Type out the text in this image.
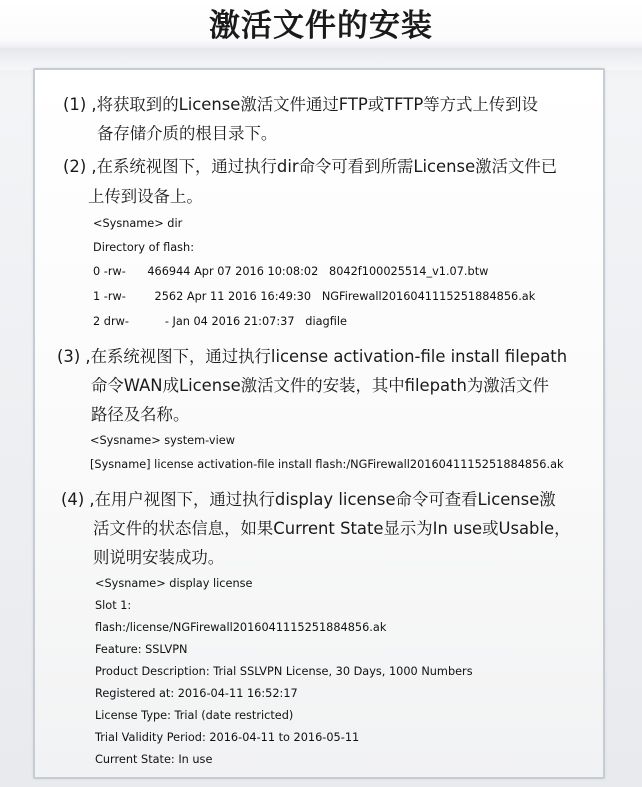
激活文件的安装
(1) ,将获取到的License激活文件通过FTP或TFTP等方式上传到设
备存储介质的根目录下。
(2) ,在系统视图下，通过执行dir命令可看到所需License激活文件已
上传到设备上。
<Sysname> dir
Directory of flash:
0 -rw-      466944 Apr 07 2016 10:08:02   8042f100025514_v1.07.btw
1 -rw-        2562 Apr 11 2016 16:49:30   NGFirewall2016041115251884856.ak
2 drw-          - Jan 04 2016 21:07:37   diagfile
(3) ,在系统视图下，通过执行license activation-file install filepath
命令WAN成License激活文件的安装，其中filepath为激活文件
路径及名称。
<Sysname> system-view
[Sysname] license activation-file install flash:/NGFirewall2016041115251884856.ak
(4) ,在用户视图下，通过执行display license命令可查看License激
活文件的状态信息，如果Current State显示为In use或Usable，
则说明安装成功。
<Sysname> display license
Slot 1:
flash:/license/NGFirewall2016041115251884856.ak
Feature: SSLVPN
Product Description: Trial SSLVPN License, 30 Days, 1000 Numbers
Registered at: 2016-04-11 16:52:17
License Type: Trial (date restricted)
Trial Validity Period: 2016-04-11 to 2016-05-11
Current State: In use
